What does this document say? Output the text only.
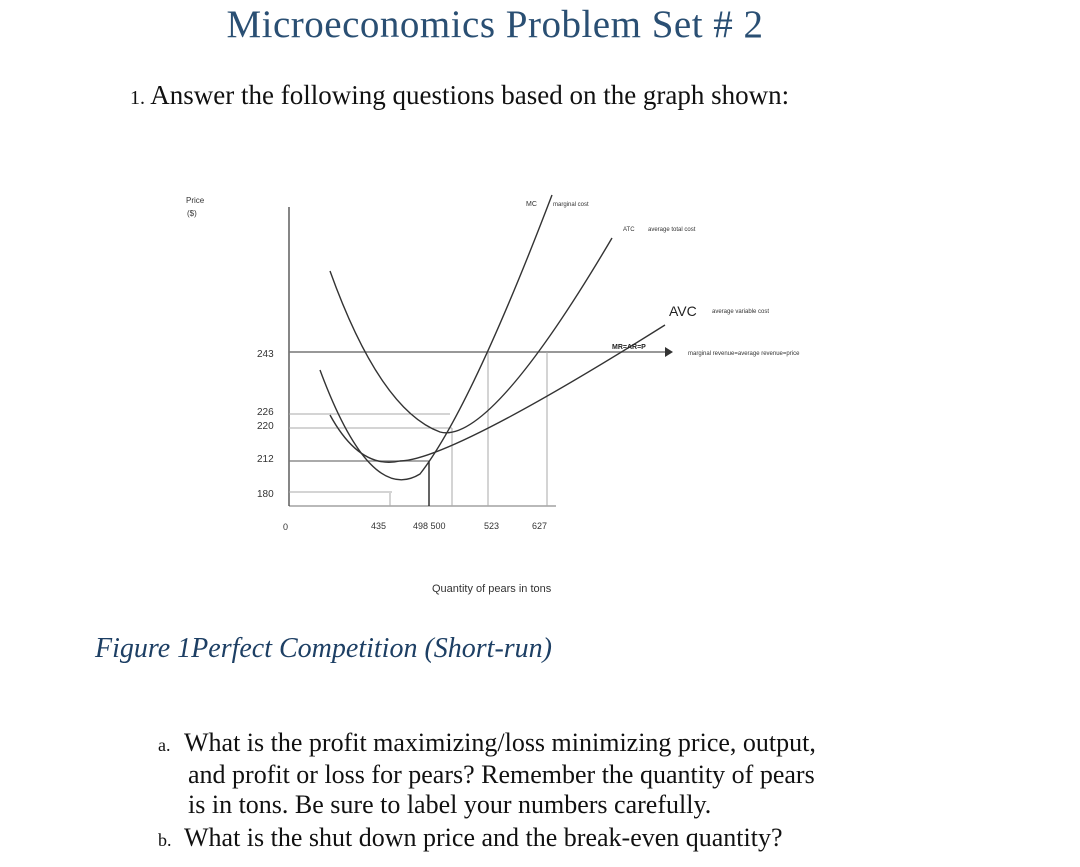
Microeconomics Problem Set # 2
1. Answer the following questions based on the graph shown:
Price
($)
243
226
220
212
180
0	435	498 500	523	627
MC	marginal cost
ATC average total cost
AVC	average variable cost
MR=AR=P
marginal revenue=average revenue=price
Quantity of pears in tons
Figure 1Perfect Competition (Short-run)
a. What is the profit maximizing/loss minimizing price, output,
and profit or loss for pears? Remember the quantity of pears
is in tons. Be sure to label your numbers carefully.
b. What is the shut down price and the break-even quantity?
